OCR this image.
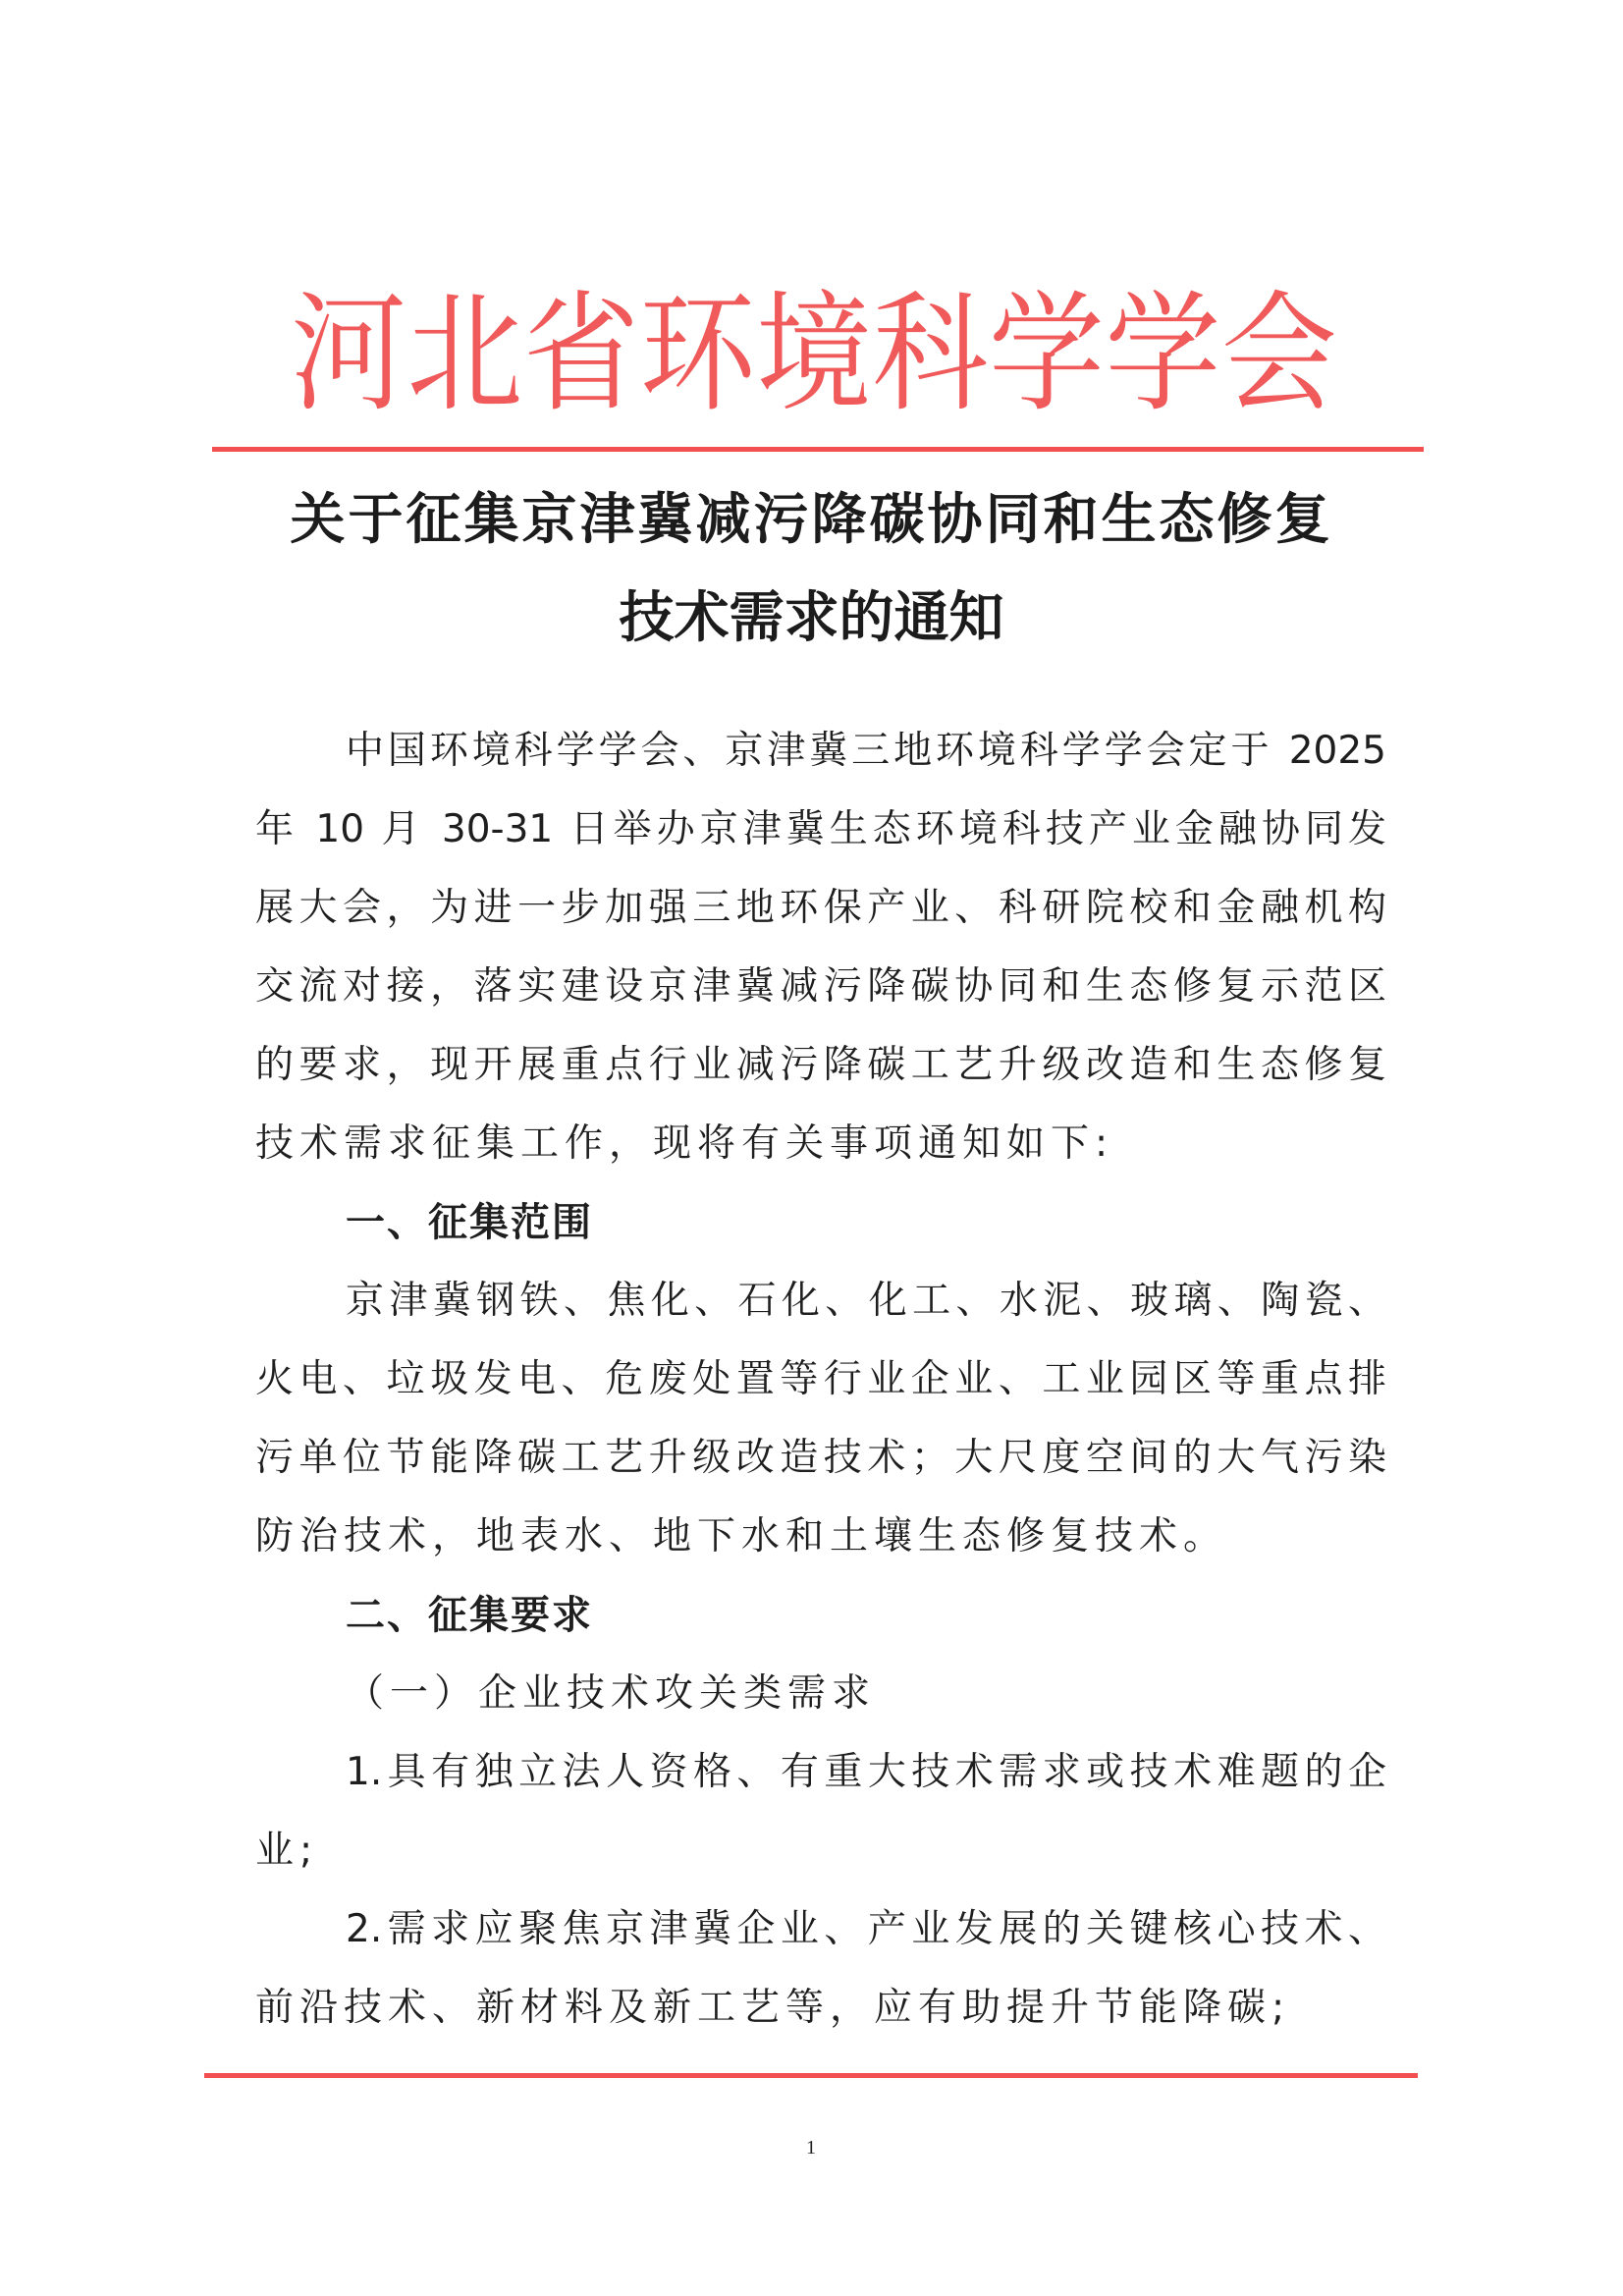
河 北 省 环 境 科 学 学 会
关于征集京津冀减污降碳协同和生态修复
技术需求的通知
中国环境科学学会、京津冀三地环境科学学会定于 2025
年 10 月 30-31 日举办京津冀生态环境科技产业金融协同发
展大会，为进一步加强三地环保产业、科研院校和金融机构
交流对接，落实建设京津冀减污降碳协同和生态修复示范区
的要求，现开展重点行业减污降碳工艺升级改造和生态修复
技术需求征集工作，现将有关事项通知如下:
一、征集范围
京津冀钢铁、焦化、石化、化工、水泥、玻璃、陶瓷、
火电、垃圾发电、危废处置等行业企业、工业园区等重点排
污单位节能降碳工艺升级改造技术；大尺度空间的大气污染
防治技术，地表水、地下水和土壤生态修复技术。
二、征集要求
（一）企业技术攻关类需求
1.具有独立法人资格、有重大技术需求或技术难题的企
业;
2.需求应聚焦京津冀企业、产业发展的关键核心技术、
前沿技术、新材料及新工艺等，应有助提升节能降碳;
1
